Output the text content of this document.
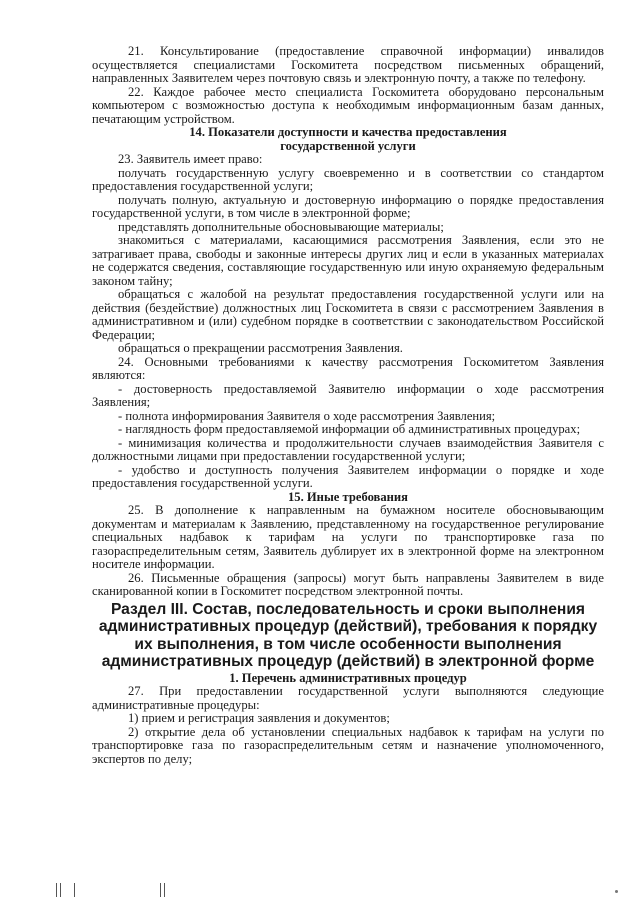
21. Консультирование (предоставление справочной информации) инвалидов осуществляется специалистами Госкомитета посредством письменных обращений, направленных Заявителем через почтовую связь и электронную почту, а также по телефону.

22. Каждое рабочее место специалиста Госкомитета оборудовано персональным компьютером с возможностью доступа к необходимым информационным базам данных, печатающим устройством.

14. Показатели доступности и качества предоставления государственной услуги

23. Заявитель имеет право:

получать государственную услугу своевременно и в соответствии со стандартом предоставления государственной услуги;

получать полную, актуальную и достоверную информацию о порядке предоставления государственной услуги, в том числе в электронной форме;

представлять дополнительные обосновывающие материалы;

знакомиться с материалами, касающимися рассмотрения Заявления, если это не затрагивает права, свободы и законные интересы других лиц и если в указанных материалах не содержатся сведения, составляющие государственную или иную охраняемую федеральным законом тайну;

обращаться с жалобой на результат предоставления государственной услуги или на действия (бездействие) должностных лиц Госкомитета в связи с рассмотрением Заявления в административном и (или) судебном порядке в соответствии с законодательством Российской Федерации;

обращаться о прекращении рассмотрения Заявления.

24. Основными требованиями к качеству рассмотрения Госкомитетом Заявления являются:

- достоверность предоставляемой Заявителю информации о ходе рассмотрения Заявления;

- полнота информирования Заявителя о ходе рассмотрения Заявления;

- наглядность форм предоставляемой информации об административных процедурах;

- минимизация количества и продолжительности случаев взаимодействия Заявителя с должностными лицами при предоставлении государственной услуги;

- удобство и доступность получения Заявителем информации о порядке и ходе предоставления государственной услуги.

15. Иные требования

25. В дополнение к направленным на бумажном носителе обосновывающим документам и материалам к Заявлению, представленному на государственное регулирование специальных надбавок к тарифам на услуги по транспортировке газа по газораспределительным сетям, Заявитель дублирует их в электронной форме на электронном носителе информации.

26. Письменные обращения (запросы) могут быть направлены Заявителем в виде сканированной копии в Госкомитет посредством электронной почты.

Раздел III. Состав, последовательность и сроки выполнения административных процедур (действий), требования к порядку их выполнения, в том числе особенности выполнения административных процедур (действий) в электронной форме

1. Перечень административных процедур

27. При предоставлении государственной услуги выполняются следующие административные процедуры:

1) прием и регистрация заявления и документов;

2) открытие дела об установлении специальных надбавок к тарифам на услуги по транспортировке газа по газораспределительным сетям и назначение уполномоченного, экспертов по делу;
